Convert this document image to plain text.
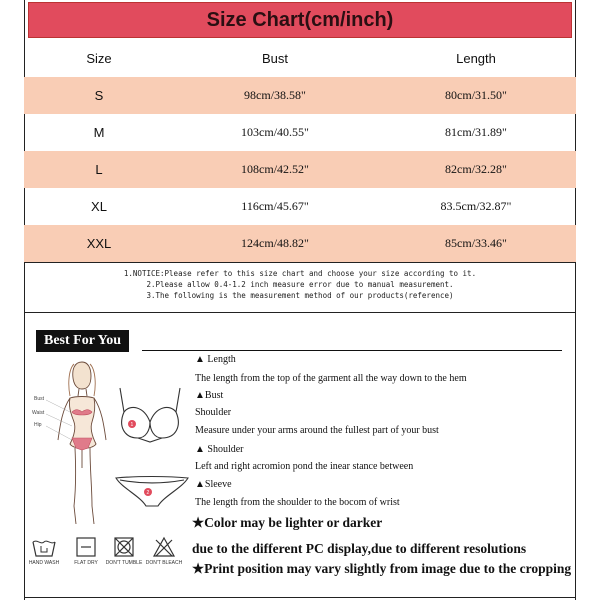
Size Chart(cm/inch)
Size	Bust	Length
S	98cm/38.58"	80cm/31.50"
M	103cm/40.55"	81cm/31.89"
L	108cm/42.52"	82cm/32.28"
XL	116cm/45.67"	83.5cm/32.87"
XXL	124cm/48.82"	85cm/33.46"
1.NOTICE:Please refer to this size chart and choose your size according to it.
2.Please allow 0.4-1.2 inch measure error due to manual measurement.
3.The following is the measurement method of our products(reference)
Best For You
Bust
Waist
Hip	1
2
▲ Length
The length from the top of the garment all the way down to the hem
▲Bust
Shoulder
Measure under your arms around the fullest part of your bust
▲ Shoulder
Left and right acromion pond the inear stance between
▲Sleeve
The length from the shoulder to the bocom of wrist
★Color may be lighter or darker
due to the different PC display,due to different resolutions
★Print position may vary slightly from image due to the cropping
HAND WASH	FLAT DRY	DON'T TUMBLE DON'T BLEACH
